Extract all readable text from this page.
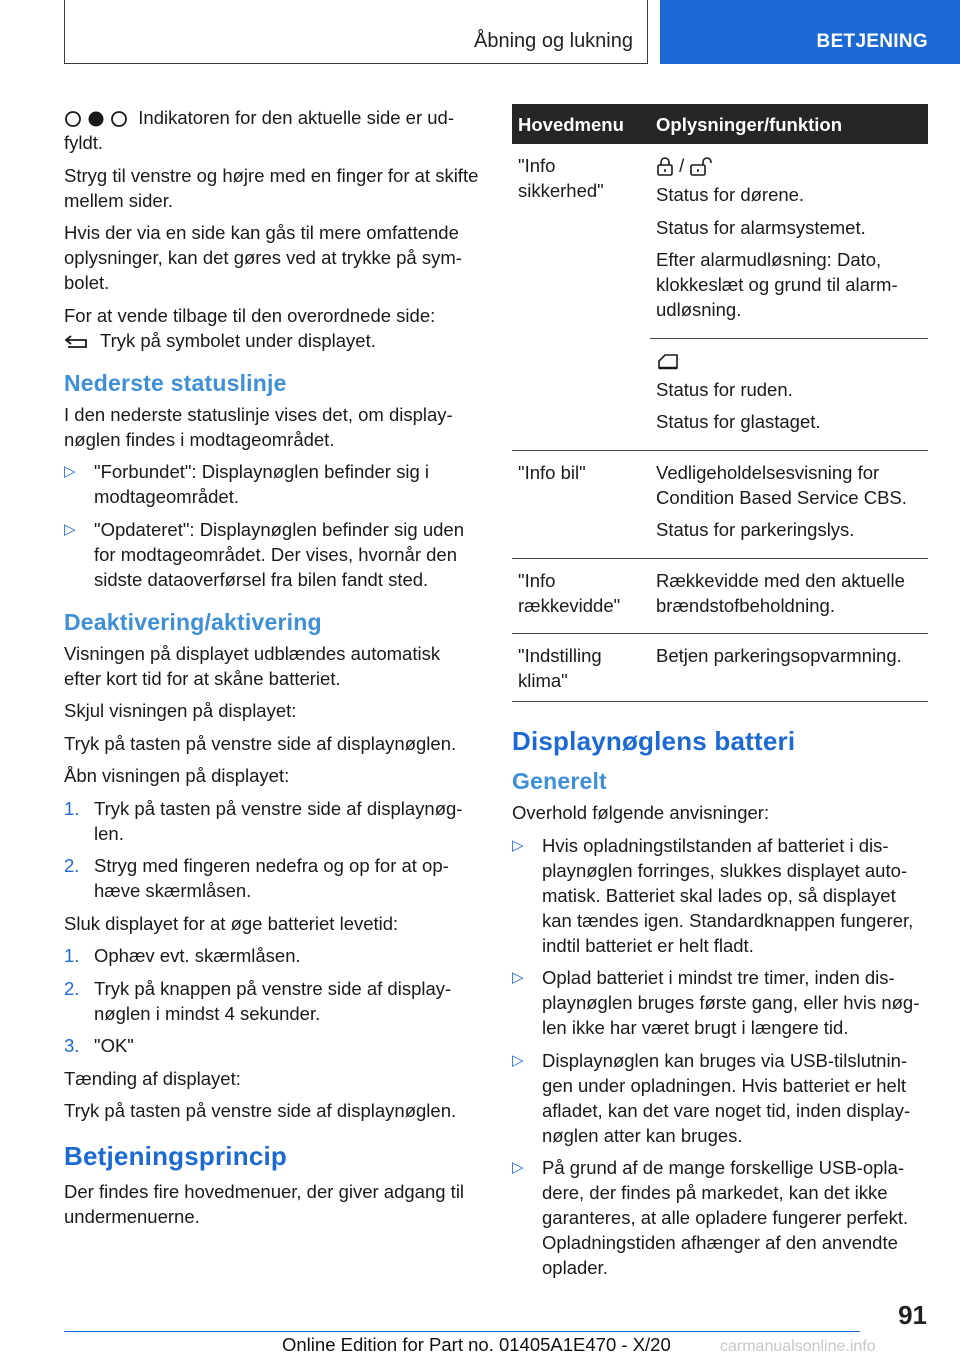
Åbning og lukning	BETJENING

Indikatoren for den aktuelle side er ud- fyldt.

Stryg til venstre og højre med en finger for at skifte mellem sider.

Hvis der via en side kan gås til mere omfattende oplysninger, kan det gøres ved at trykke på sym- bolet.

For at vende tilbage til den overordnede side:
Tryk på symbolet under displayet.

Nederste statuslinje

I den nederste statuslinje vises det, om display- nøglen findes i modtageområdet.

▷ "Forbundet": Displaynøglen befinder sig i modtageområdet.
▷ "Opdateret": Displaynøglen befinder sig uden for modtageområdet. Der vises, hvornår den sidste dataoverførsel fra bilen fandt sted.
Deaktivering/aktivering

Visningen på displayet udblændes automatisk efter kort tid for at skåne batteriet.

Skjul visningen på displayet:

Tryk på tasten på venstre side af displaynøglen.

Åbn visningen på displayet:

1. Tryk på tasten på venstre side af displaynøg- len.
2. Stryg med fingeren nedefra og op for at op- hæve skærmlåsen.

Sluk displayet for at øge batteriet levetid:

1. Ophæv evt. skærmlåsen.
2. Tryk på knappen på venstre side af display- nøglen i mindst 4 sekunder.
3. "OK"

Tænding af displayet:

Tryk på tasten på venstre side af displaynøglen.

Betjeningsprincip

Der findes fire hovedmenuer, der giver adgang til undermenuerne.

Hovedmenu	Oplysninger/funktion
"Info sikkerhed"	/

Status for dørene.

Status for alarmsystemet.

Efter alarmudløsning: Dato, klokkeslæt og grund til alarm- udløsning.

	Status for ruden.

Status for glastaget.

"Info bil"	Vedligeholdelsesvisning for Condition Based Service CBS.

Status for parkeringslys.

"Info rækkevidde"	Rækkevidde med den aktuelle brændstofbeholdning.

"Indstilling klima"	Betjen parkeringsopvarmning.

Displaynøglens batteri
Generelt

Overhold følgende anvisninger:

▷ Hvis opladningstilstanden af batteriet i dis- playnøglen forringes, slukkes displayet auto- matisk. Batteriet skal lades op, så displayet kan tændes igen. Standardknappen fungerer, indtil batteriet er helt fladt.
▷ Oplad batteriet i mindst tre timer, inden dis- playnøglen bruges første gang, eller hvis nøg- len ikke har været brugt i længere tid.
▷ Displaynøglen kan bruges via USB-tilslutnin- gen under opladningen. Hvis batteriet er helt afladet, kan det vare noget tid, inden display- nøglen atter kan bruges.
▷ På grund af de mange forskellige USB-opla- dere, der findes på markedet, kan det ikke garanteres, at alle opladere fungerer perfekt. Opladningstiden afhænger af den anvendte oplader.
91
Online Edition for Part no. 01405A1E470 - X/20	carmanualsonline.info
